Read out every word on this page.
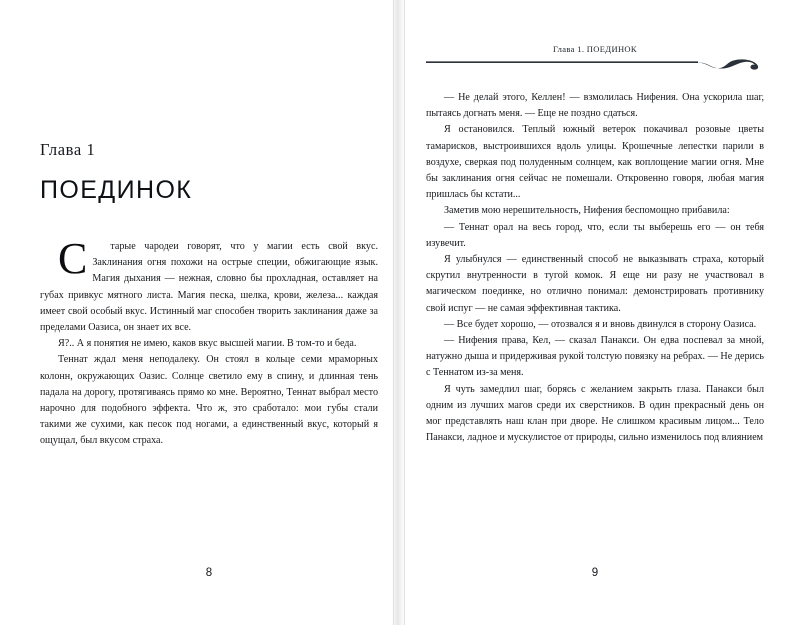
Глава 1
ПОЕДИНОК

С	тарые чародеи говорят, что у магии есть свой вкус. Заклинания огня похожи на острые специи, обжигающие язык. Магия дыхания — нежная, словно бы прохладная, оставляет на губах привкус мятного листа. Магия песка, шелка, крови, железа... каждая имеет свой особый вкус. Истинный маг способен творить заклинания даже за пределами Оазиса, он знает их все.

Я?.. А я понятия не имею, каков вкус высшей магии. В том-то и беда.

Теннат ждал меня неподалеку. Он стоял в кольце семи мраморных колонн, окружающих Оазис. Солнце светило ему в спину, и длинная тень падала на дорогу, протягиваясь прямо ко мне. Вероятно, Теннат выбрал место нарочно для подобного эффекта. Что ж, это сработало: мои губы стали такими же сухими, как песок под ногами, а единственный вкус, который я ощущал, был вкусом страха.

8
Глава 1. ПОЕДИНОК

— Не делай этого, Келлен! — взмолилась Нифения. Она ускорила шаг, пытаясь догнать меня. — Еще не поздно сдаться.

Я остановился. Теплый южный ветерок покачивал розовые цветы тамарисков, выстроившихся вдоль улицы. Крошечные лепестки парили в воздухе, сверкая под полуденным солнцем, как воплощение магии огня. Мне бы заклинания огня сейчас не помешали. Откровенно говоря, любая магия пришлась бы кстати...

Заметив мою нерешительность, Нифения беспомощно прибавила:

— Теннат орал на весь город, что, если ты выберешь его — он тебя изувечит.

Я улыбнулся — единственный способ не выказывать страха, который скрутил внутренности в тугой комок. Я еще ни разу не участвовал в магическом поединке, но отлично понимал: демонстрировать противнику свой испуг — не самая эффективная тактика.

— Все будет хорошо, — отозвался я и вновь двинулся в сторону Оазиса.

— Нифения права, Кел, — сказал Панакси. Он едва поспевал за мной, натужно дыша и придерживая рукой толстую повязку на ребрах. — Не дерись с Теннатом из-за меня.

Я чуть замедлил шаг, борясь с желанием закрыть глаза. Панакси был одним из лучших магов среди их сверстников. В один прекрасный день он мог представлять наш клан при дворе. Не слишком красивым лицом... Тело Панакси, ладное и мускулистое от природы, сильно изменилось под влиянием

9
